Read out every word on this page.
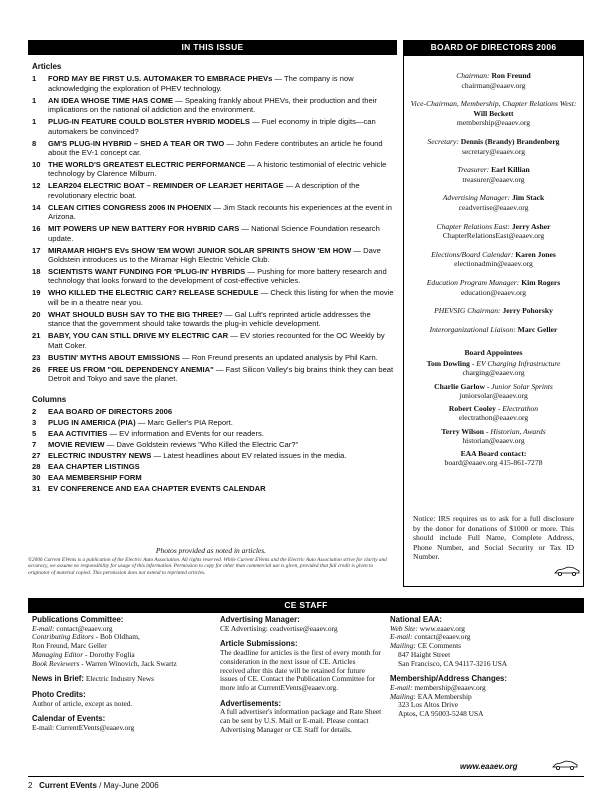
IN THIS ISSUE	BOARD OF DIRECTORS 2006
Articles
1	FORD MAY BE FIRST U.S. AUTOMAKER TO EMBRACE PHEVs — The company is now acknowledging the exploration of PHEV technology.
1	AN IDEA WHOSE TIME HAS COME — Speaking frankly about PHEVs, their production and their implications on the national oil addiction and the environment.
1	PLUG-IN FEATURE COULD BOLSTER HYBRID MODELS — Fuel economy in triple digits—can automakers be convinced?
8	GM'S PLUG-IN HYBRID – SHED A TEAR OR TWO — John Federe contributes an article he found about the EV-1 concept car.
10 THE WORLD'S GREATEST ELECTRIC PERFORMANCE — A historic testimonial of electric vehicle technology by Clarence Milburn.
12 LEAR204 ELECTRIC BOAT – REMINDER OF LEARJET HERITAGE — A description of the revolutionary electric boat.
14 CLEAN CITIES CONGRESS 2006 IN PHOENIX — Jim Stack recounts his experiences at the event in Arizona.
16 MIT POWERS UP NEW BATTERY FOR HYBRID CARS — National Science Foundation research update.
17 MIRAMAR HIGH'S EVs SHOW 'EM WOW! JUNIOR SOLAR SPRINTS SHOW 'EM HOW — Dave Goldstein introduces us to the Miramar High Electric Vehicle Club.
18 SCIENTISTS WANT FUNDING FOR 'PLUG-IN' HYBRIDS — Pushing for more battery research and technology that looks forward to the development of cost-effective vehicles.
19 WHO KILLED THE ELECTRIC CAR? RELEASE SCHEDULE — Check this listing for when the movie will be in a theatre near you.
20 WHAT SHOULD BUSH SAY TO THE BIG THREE? — Gal Luft's reprinted article addresses the stance that the government should take towards the plug-in vehicle development.
21 BABY, YOU CAN STILL DRIVE MY ELECTRIC CAR — EV stories recounted for the OC Weekly by Matt Coker.
23 BUSTIN' MYTHS ABOUT EMISSIONS — Ron Freund presents an updated analysis by Phil Karn.
26 FREE US FROM "OIL DEPENDENCY ANEMIA" — Fast Silicon Valley's big brains think they can beat Detroit and Tokyo and save the planet.
Columns
2	EAA BOARD OF DIRECTORS 2006
3	PLUG IN AMERICA (PIA) — Marc Geller's PIA Report.
5	EAA ACTIVITIES — EV information and EVents for our readers.
7	MOVIE REVIEW — Dave Goldstein reviews "Who Killed the Electric Car?"
27 ELECTRIC INDUSTRY NEWS — Latest headlines about EV related issues in the media.
28 EAA CHAPTER LISTINGS
30 EAA MEMBERSHIP FORM
31 EV CONFERENCE AND EAA CHAPTER EVENTS CALENDAR
Photos provided as noted in articles.
©2006 Current EVents is a publication of the Electric Auto Association. All rights reserved. While Current EVents and the Electric Auto Association strive for clarity and accuracy, we assume no responsibility for usage of this information. Permission to copy for other than commercial use is given, provided that full credit is given to originator of material copied. This permission does not extend to reprinted articles.
Chairman: Ron Freund
chairman@eaaev.org
Vice-Chairman, Membership, Chapter Relations West: Will Beckett
membership@eaaev.org
Secretary: Dennis (Brandy) Brandenberg
secretary@eaaev.org
Treasurer: Earl Killian
treasurer@eaaev.org
Advertising Manager: Jim Stack
ceadvertise@eaaev.org
Chapter Relations East: Jerry Asher
ChapterRelationsEast@eaaev.org
Elections/Board Calendar: Karen Jones
electionadmin@eaaev.org
Education Program Manager: Kim Rogers
education@eaaev.org
PHEVSIG Chairman: Jerry Pohorsky
Interorganizational Liaison: Marc Geller
Board Appointees
Tom Dowling - EV Charging Infrastructure
charging@eaaev.org
Charlie Garlow - Junior Solar Sprints
juniorsolar@eaaev.org
Robert Cooley - Electrathon
electrathon@eaaev.org
Terry Wilson - Historian, Awards
historian@eaaev.org
EAA Board contact:
board@eaaev.org 415-861-7278
Notice: IRS requires us to ask for a full disclosure by the donor for donations of $1000 or more. This should include Full Name, Complete Address, Phone Number, and Social Security or Tax ID Number.
CE STAFF
Publications Committee:
E-mail: contact@eaaev.org
Contributing Editors - Bob Oldham,
Ron Freund, Marc Geller
Managing Editor - Dorothy Foglia
Book Reviewers - Warren Winovich, Jack Swartz
News in Brief: Electric Industry News
Photo Credits:
Author of article, except as noted.
Calendar of Events:
E-mail: CurrentEVents@eaaev.org
Advertising Manager:
CE Advertising: ceadvertise@eaaev.org
Article Submissions:
The deadline for articles is the first of every month for consideration in the next issue of CE. Articles received after this date will be retained for future issues of CE. Contact the Publication Committee for more info at CurrentEVents@eaaev.org.
Advertisements:
A full advertiser's information package and Rate Sheet can be sent by U.S. Mail or E-mail. Please contact Advertising Manager or CE Staff for details.
National EAA:
Web Site: www.eaaev.org
E-mail: contact@eaaev.org
Mailing: CE Comments
847 Haight Street
San Francisco, CA 94117-3216 USA
Membership/Address Changes:
E-mail: membership@eaaev.org
Mailing: EAA Membership
323 Los Altos Drive
Aptos, CA 95003-5248 USA
www.eaaev.org
2 Current EVents / May-June 2006
